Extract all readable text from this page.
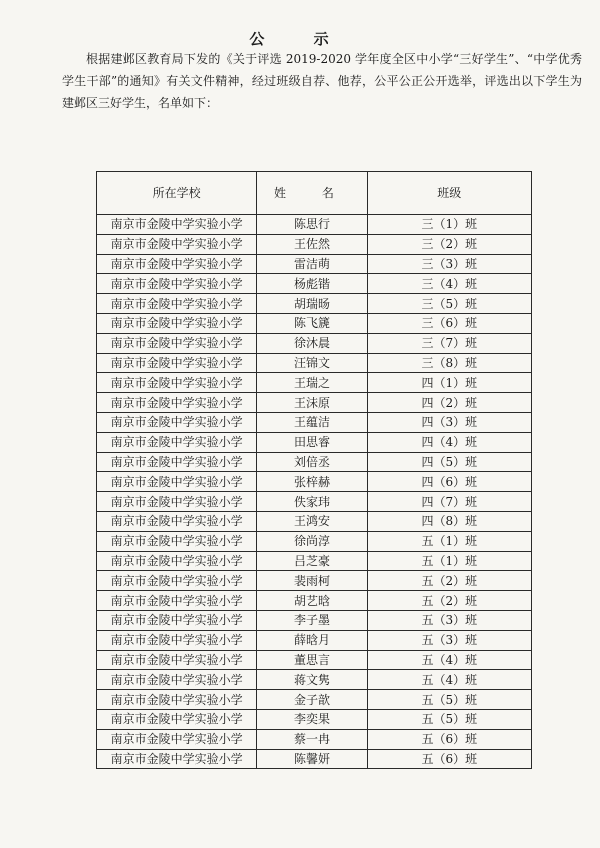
公 示
根据建邺区教育局下发的《关于评选 2019-2020 学年度全区中小学“三好学生”、“中学优秀学生干部”的通知》有关文件精神，经过班级自荐、他荐，公平公正公开选举，评选出以下学生为建邺区三好学生，名单如下：
所在学校	姓 名	班级
南京市金陵中学实验小学	陈思行	三（1）班
南京市金陵中学实验小学	王佐然	三（2）班
南京市金陵中学实验小学	雷洁萌	三（3）班
南京市金陵中学实验小学	杨彪锴	三（4）班
南京市金陵中学实验小学	胡瑞旸	三（5）班
南京市金陵中学实验小学	陈飞篪	三（6）班
南京市金陵中学实验小学	徐沐晨	三（7）班
南京市金陵中学实验小学	汪锦文	三（8）班
南京市金陵中学实验小学	王瑞之	四（1）班
南京市金陵中学实验小学	王沫原	四（2）班
南京市金陵中学实验小学	王蕴洁	四（3）班
南京市金陵中学实验小学	田思睿	四（4）班
南京市金陵中学实验小学	刘倍丞	四（5）班
南京市金陵中学实验小学	张梓赫	四（6）班
南京市金陵中学实验小学	佚家玮	四（7）班
南京市金陵中学实验小学	王鸿安	四（8）班
南京市金陵中学实验小学	徐尚淳	五（1）班
南京市金陵中学实验小学	吕芝豪	五（1）班
南京市金陵中学实验小学	裴雨柯	五（2）班
南京市金陵中学实验小学	胡艺晗	五（2）班
南京市金陵中学实验小学	李子墨	五（3）班
南京市金陵中学实验小学	薛晗月	五（3）班
南京市金陵中学实验小学	董思言	五（4）班
南京市金陵中学实验小学	蒋文隽	五（4）班
南京市金陵中学实验小学	金子歆	五（5）班
南京市金陵中学实验小学	李奕果	五（5）班
南京市金陵中学实验小学	蔡一冉	五（6）班
南京市金陵中学实验小学	陈馨妍	五（6）班
